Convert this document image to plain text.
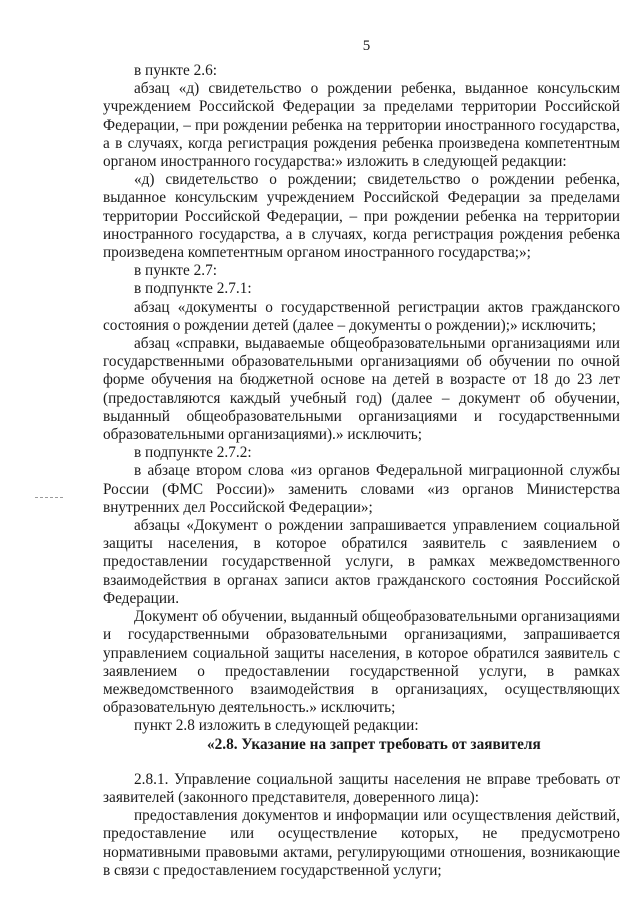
5

в пункте 2.6:

абзац «д) свидетельство о рождении ребенка, выданное консульским учреждением Российской Федерации за пределами территории Российской Федерации, – при рождении ребенка на территории иностранного государства, а в случаях, когда регистрация рождения ребенка произведена компетентным органом иностранного государства:» изложить в следующей редакции:

«д) свидетельство о рождении; свидетельство о рождении ребенка, выданное консульским учреждением Российской Федерации за пределами территории Российской Федерации, – при рождении ребенка на территории иностранного государства, а в случаях, когда регистрация рождения ребенка произведена компетентным органом иностранного государства;»;

в пункте 2.7:

в подпункте 2.7.1:

абзац «документы о государственной регистрации актов гражданского состояния о рождении детей (далее – документы о рождении);» исключить;

абзац «справки, выдаваемые общеобразовательными организациями или государственными образовательными организациями об обучении по очной форме обучения на бюджетной основе на детей в возрасте от 18 до 23 лет (предоставляются каждый учебный год) (далее – документ об обучении, выданный общеобразовательными организациями и государственными образовательными организациями).» исключить;

в подпункте 2.7.2:

в абзаце втором слова «из органов Федеральной миграционной службы России (ФМС России)» заменить словами «из органов Министерства внутренних дел Российской Федерации»;

абзацы «Документ о рождении запрашивается управлением социальной защиты населения, в которое обратился заявитель с заявлением о предоставлении государственной услуги, в рамках межведомственного взаимодействия в органах записи актов гражданского состояния Российской Федерации.

Документ об обучении, выданный общеобразовательными организациями и государственными образовательными организациями, запрашивается управлением социальной защиты населения, в которое обратился заявитель с заявлением о предоставлении государственной услуги, в рамках межведомственного взаимодействия в организациях, осуществляющих образовательную деятельность.» исключить;

пункт 2.8 изложить в следующей редакции:

«2.8. Указание на запрет требовать от заявителя

2.8.1. Управление социальной защиты населения не вправе требовать от заявителей (законного представителя, доверенного лица):

предоставления документов и информации или осуществления действий, предоставление или осуществление которых, не предусмотрено нормативными правовыми актами, регулирующими отношения, возникающие в связи с предоставлением государственной услуги;
